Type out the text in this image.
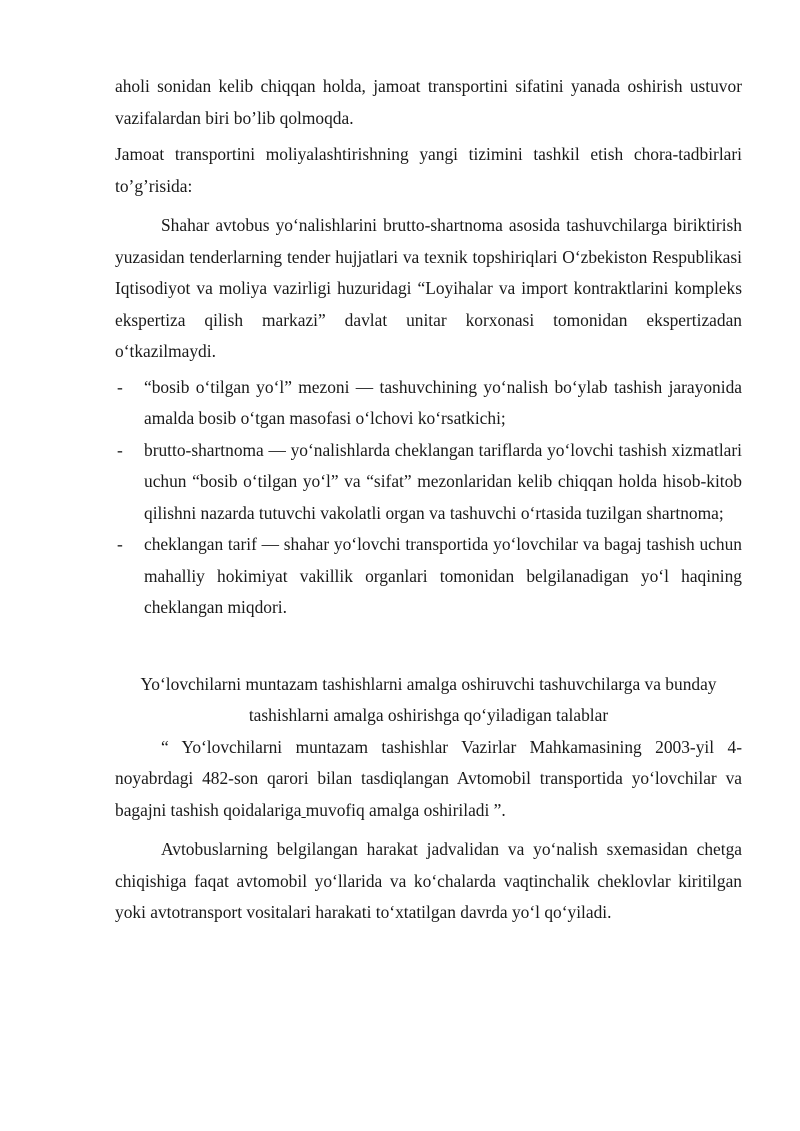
aholi sonidan kelib chiqqan holda, jamoat transportini sifatini yanada oshirish ustuvor vazifalardan biri bo’lib qolmoqda.

Jamoat transportini moliyalashtirishning yangi tizimini tashkil etish chora-tadbirlari to’g’risida:

Shahar avtobus yo‘nalishlarini brutto-shartnoma asosida tashuvchilarga biriktirish yuzasidan tenderlarning tender hujjatlari va texnik topshiriqlari O‘zbekiston Respublikasi Iqtisodiyot va moliya vazirligi huzuridagi “Loyihalar va import kontraktlarini kompleks ekspertiza qilish markazi” davlat unitar korxonasi tomonidan ekspertizadan o‘tkazilmaydi.

- “bosib o‘tilgan yo‘l” mezoni — tashuvchining yo‘nalish bo‘ylab tashish jarayonida amalda bosib o‘tgan masofasi o‘lchovi ko‘rsatkichi;
- brutto-shartnoma — yo‘nalishlarda cheklangan tariflarda yo‘lovchi tashish xizmatlari uchun “bosib o‘tilgan yo‘l” va “sifat” mezonlaridan kelib chiqqan holda hisob-kitob qilishni nazarda tutuvchi vakolatli organ va tashuvchi o‘rtasida tuzilgan shartnoma;
- cheklangan tarif — shahar yo‘lovchi transportida yo‘lovchilar va bagaj tashish uchun mahalliy hokimiyat vakillik organlari tomonidan belgilanadigan yo‘l haqining cheklangan miqdori.

Yo‘lovchilarni muntazam tashishlarni amalga oshiruvchi tashuvchilarga va bunday
tashishlarni amalga oshirishga qo‘yiladigan talablar

“ Yo‘lovchilarni muntazam tashishlar Vazirlar Mahkamasining 2003-yil 4-noyabrdagi 482-son qarori bilan tasdiqlangan Avtomobil transportida yo‘lovchilar va bagajni tashish qoidalariga muvofiq amalga oshiriladi ”.

Avtobuslarning belgilangan harakat jadvalidan va yo‘nalish sxemasidan chetga chiqishiga faqat avtomobil yo‘llarida va ko‘chalarda vaqtinchalik cheklovlar kiritilgan yoki avtotransport vositalari harakati to‘xtatilgan davrda yo‘l qo‘yiladi.
